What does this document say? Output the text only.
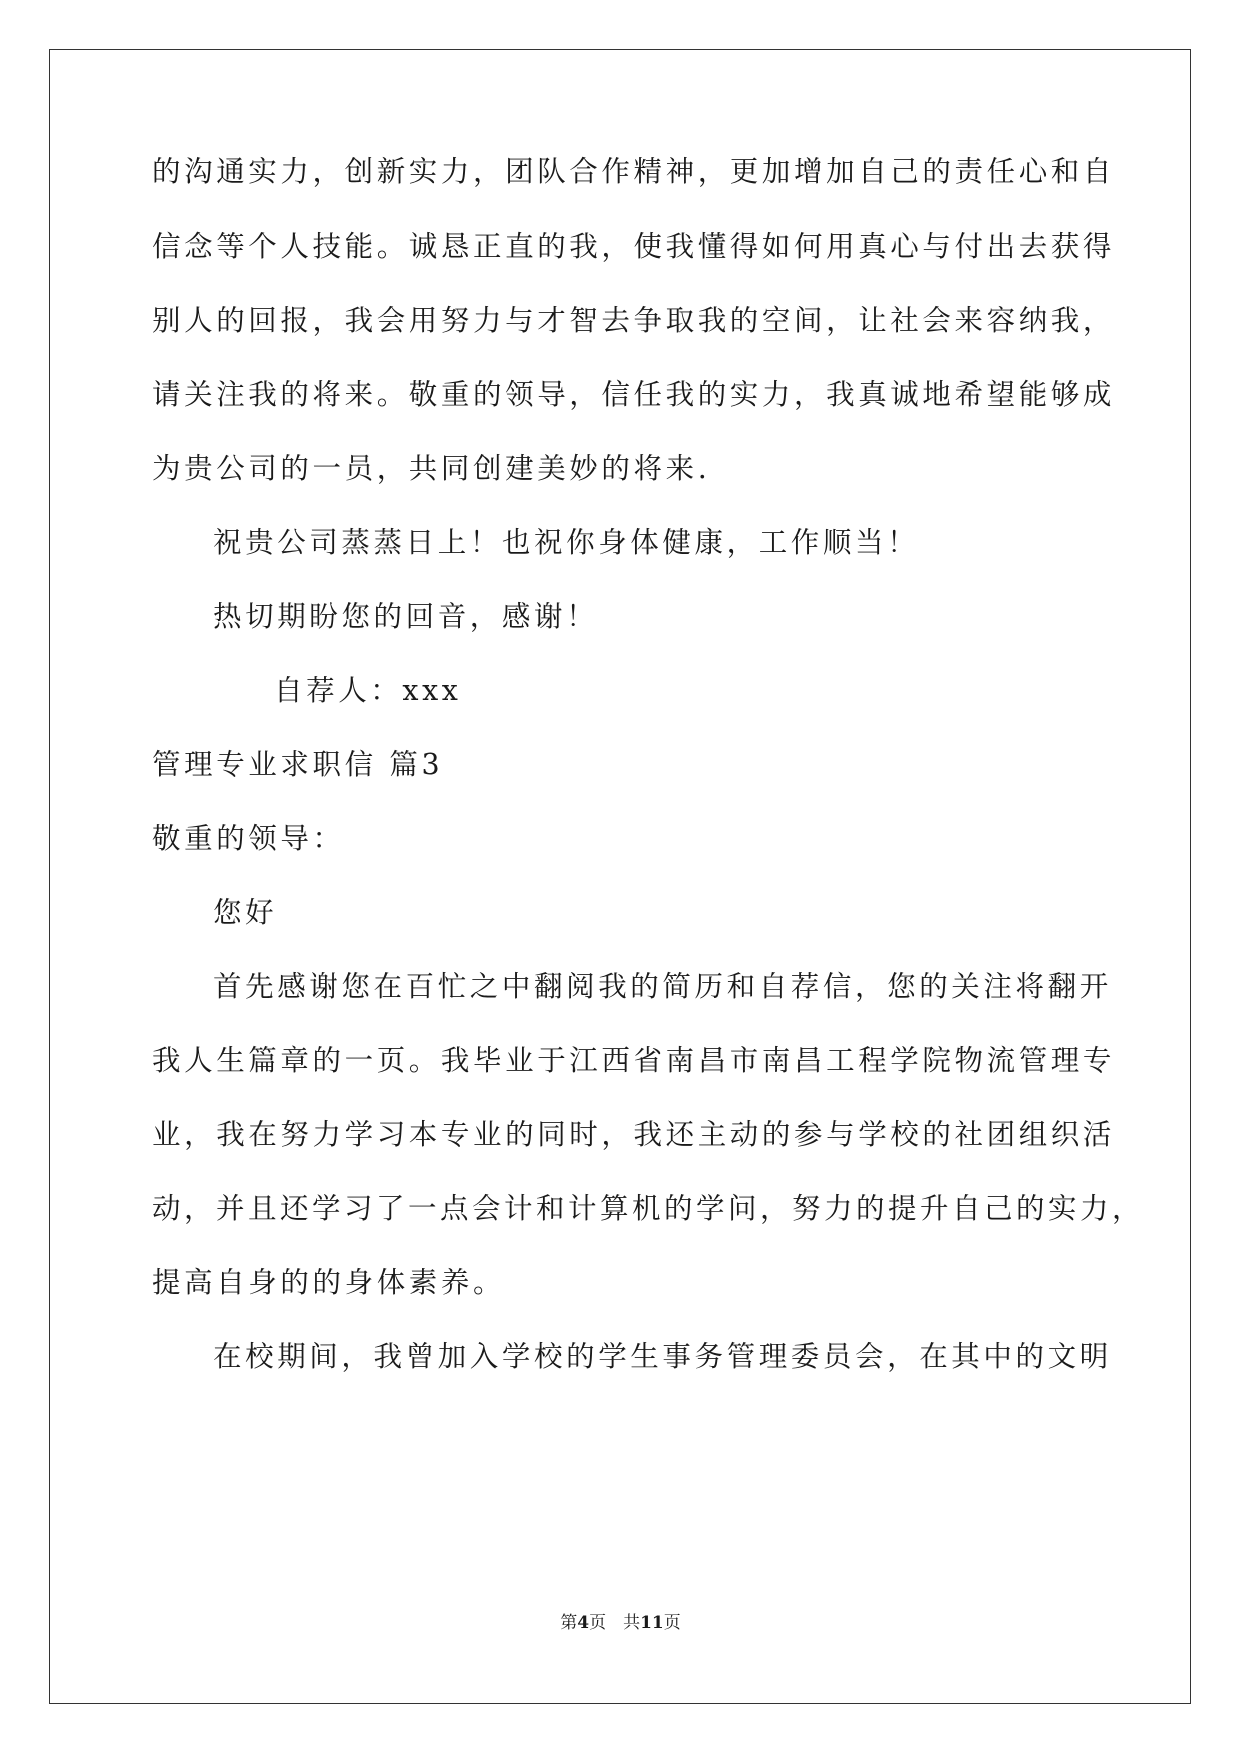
的沟通实力，创新实力，团队合作精神，更加增加自己的责任心和自
信念等个人技能。诚恳正直的我，使我懂得如何用真心与付出去获得
别人的回报，我会用努力与才智去争取我的空间，让社会来容纳我，
请关注我的将来。敬重的领导，信任我的实力，我真诚地希望能够成
为贵公司的一员，共同创建美妙的将来.
祝贵公司蒸蒸日上！也祝你身体健康，工作顺当！
热切期盼您的回音，感谢！
自荐人：xxx
管理专业求职信 篇3
敬重的领导：
您好
首先感谢您在百忙之中翻阅我的简历和自荐信，您的关注将翻开
我人生篇章的一页。我毕业于江西省南昌市南昌工程学院物流管理专
业，我在努力学习本专业的同时，我还主动的参与学校的社团组织活
动，并且还学习了一点会计和计算机的学问，努力的提升自己的实力，
提高自身的的身体素养。
在校期间，我曾加入学校的学生事务管理委员会，在其中的文明
第4页　共11页
